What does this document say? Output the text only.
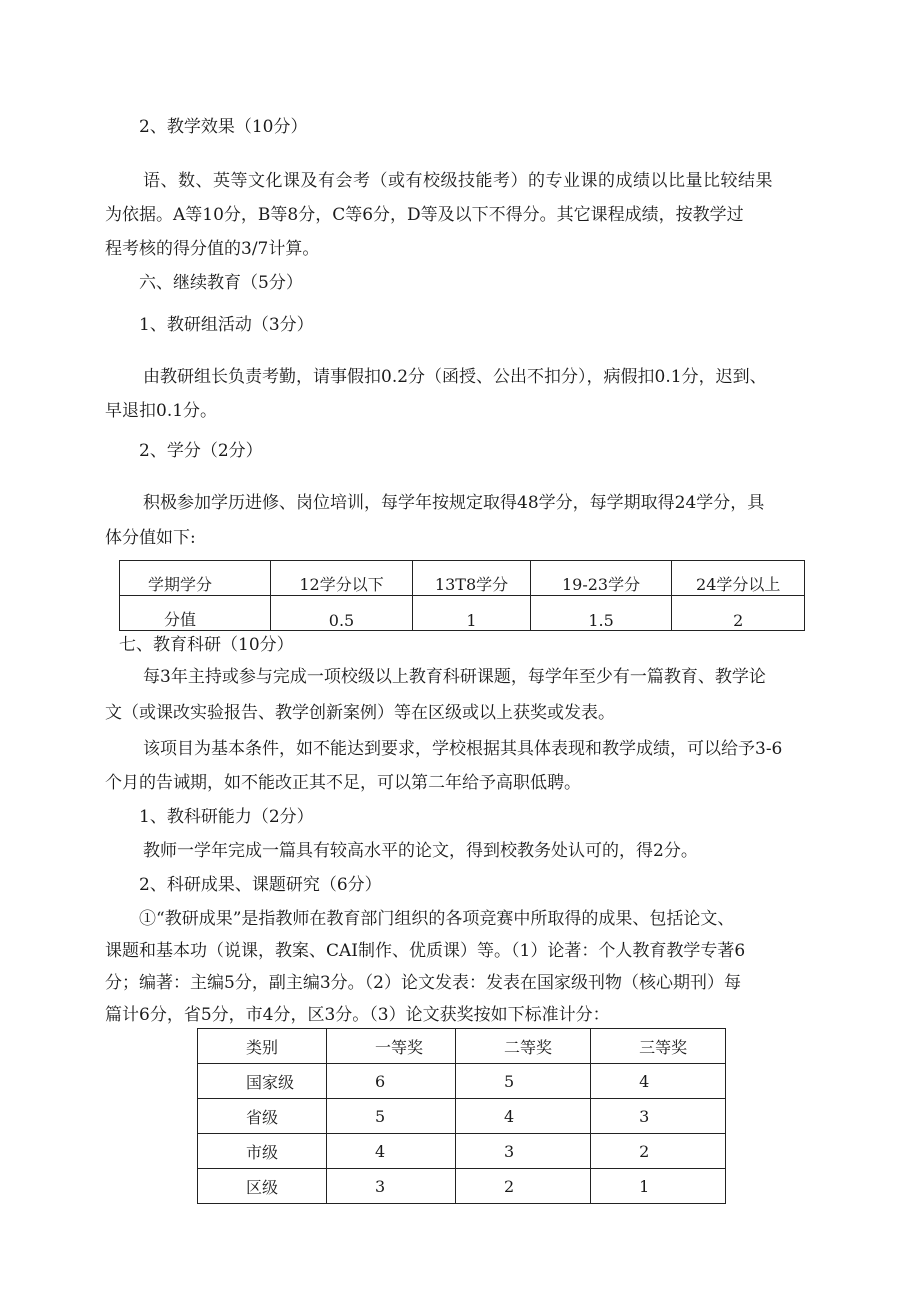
2、教学效果（10分）

语、数、英等文化课及有会考（或有校级技能考）的专业课的成绩以比量比较结果

为依据。A等10分，B等8分，C等6分，D等及以下不得分。其它课程成绩，按教学过

程考核的得分值的3/7计算。

六、继续教育（5分）

1、教研组活动（3分）

由教研组长负责考勤，请事假扣0.2分（函授、公出不扣分），病假扣0.1分，迟到、

早退扣0.1分。

2、学分（2分）

积极参加学历进修、岗位培训，每学年按规定取得48学分，每学期取得24学分，具

体分值如下:

学期学分	12学分以下	13T8学分	19-23学分	24学分以上
分值	0.5	1	1.5	2

七、教育科研（10分）

每3年主持或参与完成一项校级以上教育科研课题，每学年至少有一篇教育、教学论

文（或课改实验报告、教学创新案例）等在区级或以上获奖或发表。

该项目为基本条件，如不能达到要求，学校根据其具体表现和教学成绩，可以给予3-6

个月的告诫期，如不能改正其不足，可以第二年给予高职低聘。

1、教科研能力（2分）

教师一学年完成一篇具有较高水平的论文，得到校教务处认可的，得2分。

2、科研成果、课题研究（6分）

①“教研成果”是指教师在教育部门组织的各项竞赛中所取得的成果、包括论文、

课题和基本功（说课，教案、CAI制作、优质课）等。（1）论著：个人教育教学专著6

分；编著：主编5分，副主编3分。（2）论文发表：发表在国家级刊物（核心期刊）每

篇计6分，省5分，市4分，区3分。（3）论文获奖按如下标准计分：

类别	一等奖	二等奖	三等奖
国家级	6	5	4
省级	5	4	3
市级	4	3	2
区级	3	2	1
